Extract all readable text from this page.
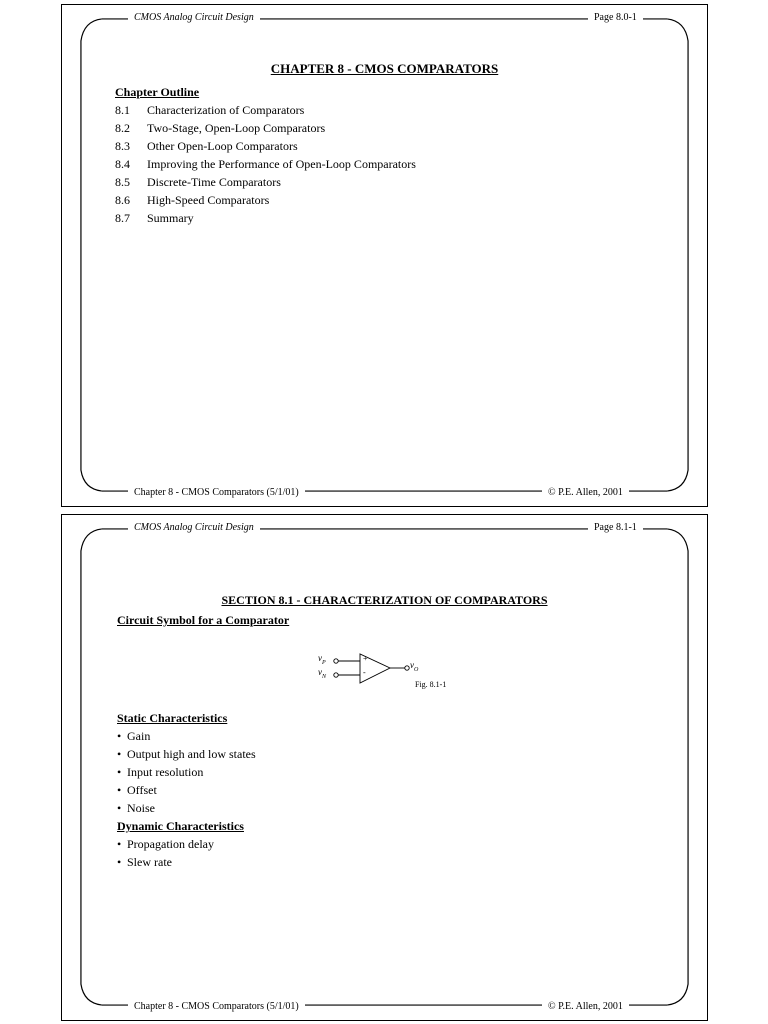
CMOS Analog Circuit Design	Page 8.0-1
Chapter 8 - CMOS Comparators (5/1/01)	© P.E. Allen, 2001
CHAPTER 8 - CMOS COMPARATORS
Chapter Outline
8.1 Characterization of Comparators
8.2 Two-Stage, Open-Loop Comparators
8.3 Other Open-Loop Comparators
8.4 Improving the Performance of Open-Loop Comparators
8.5 Discrete-Time Comparators
8.6 High-Speed Comparators
8.7 Summary
CMOS Analog Circuit Design	Page 8.1-1
Chapter 8 - CMOS Comparators (5/1/01)	© P.E. Allen, 2001
SECTION 8.1 - CHARACTERIZATION OF COMPARATORS
Circuit Symbol for a Comparator
$v_P$
$v_N$
+
-
$v_O$
Fig. 8.1-1
Static Characteristics
• Gain
• Output high and low states
• Input resolution
• Offset
• Noise
Dynamic Characteristics
• Propagation delay
• Slew rate
